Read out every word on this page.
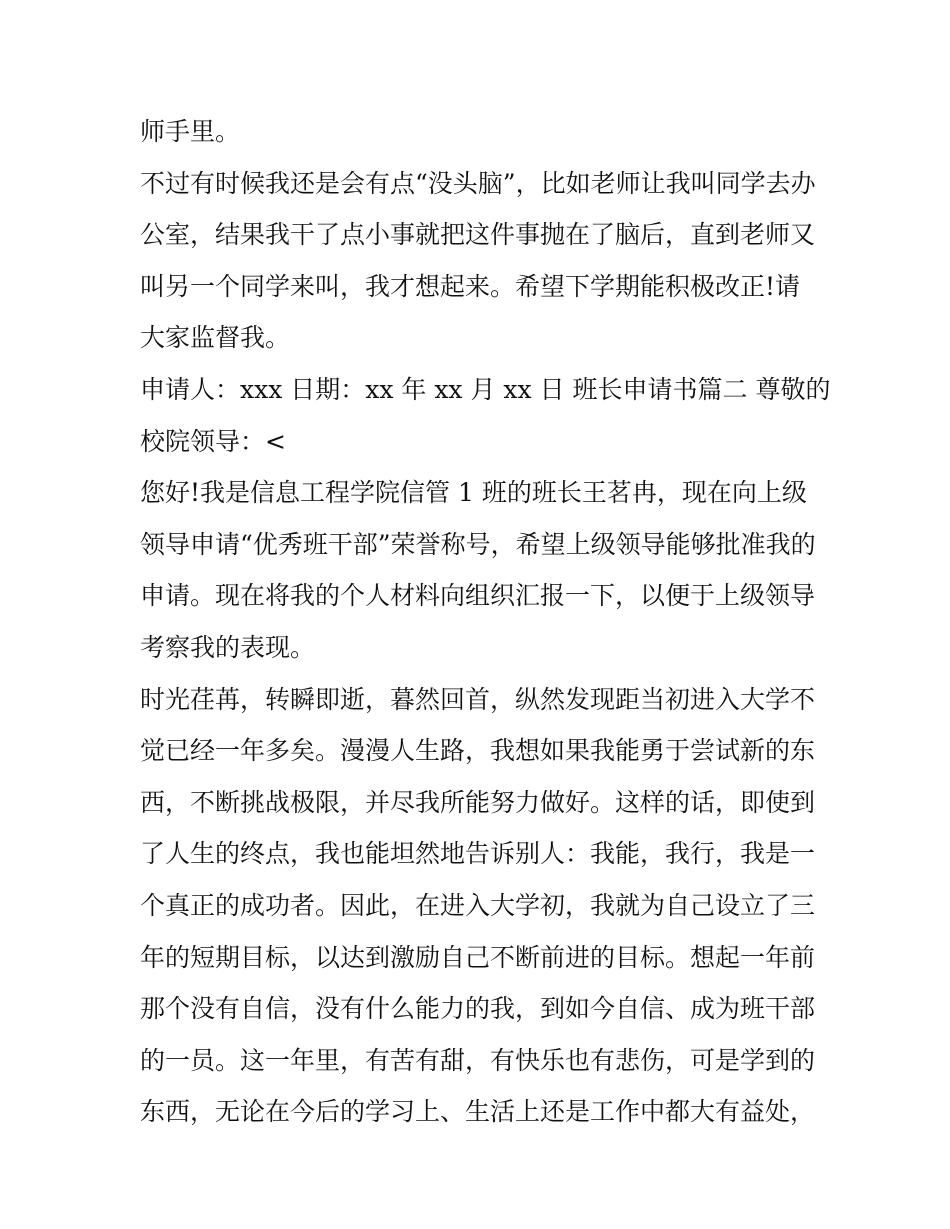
师手里。
不过有时候我还是会有点“没头脑”，比如老师让我叫同学去办
公室，结果我干了点小事就把这件事抛在了脑后，直到老师又
叫另一个同学来叫，我才想起来。希望下学期能积极改正!请
大家监督我。
申请人：xxx 日期：xx 年 xx 月 xx 日 班长申请书篇二 尊敬的
校院领导：<
您好!我是信息工程学院信管 1 班的班长王茗冉，现在向上级
领导申请“优秀班干部”荣誉称号，希望上级领导能够批准我的
申请。现在将我的个人材料向组织汇报一下，以便于上级领导
考察我的表现。
时光荏苒，转瞬即逝，暮然回首，纵然发现距当初进入大学不
觉已经一年多矣。漫漫人生路，我想如果我能勇于尝试新的东
西，不断挑战极限，并尽我所能努力做好。这样的话，即使到
了人生的终点，我也能坦然地告诉别人：我能，我行，我是一
个真正的成功者。因此，在进入大学初，我就为自己设立了三
年的短期目标，以达到激励自己不断前进的目标。想起一年前
那个没有自信，没有什么能力的我，到如今自信、成为班干部
的一员。这一年里，有苦有甜，有快乐也有悲伤，可是学到的
东西，无论在今后的学习上、生活上还是工作中都大有益处，
